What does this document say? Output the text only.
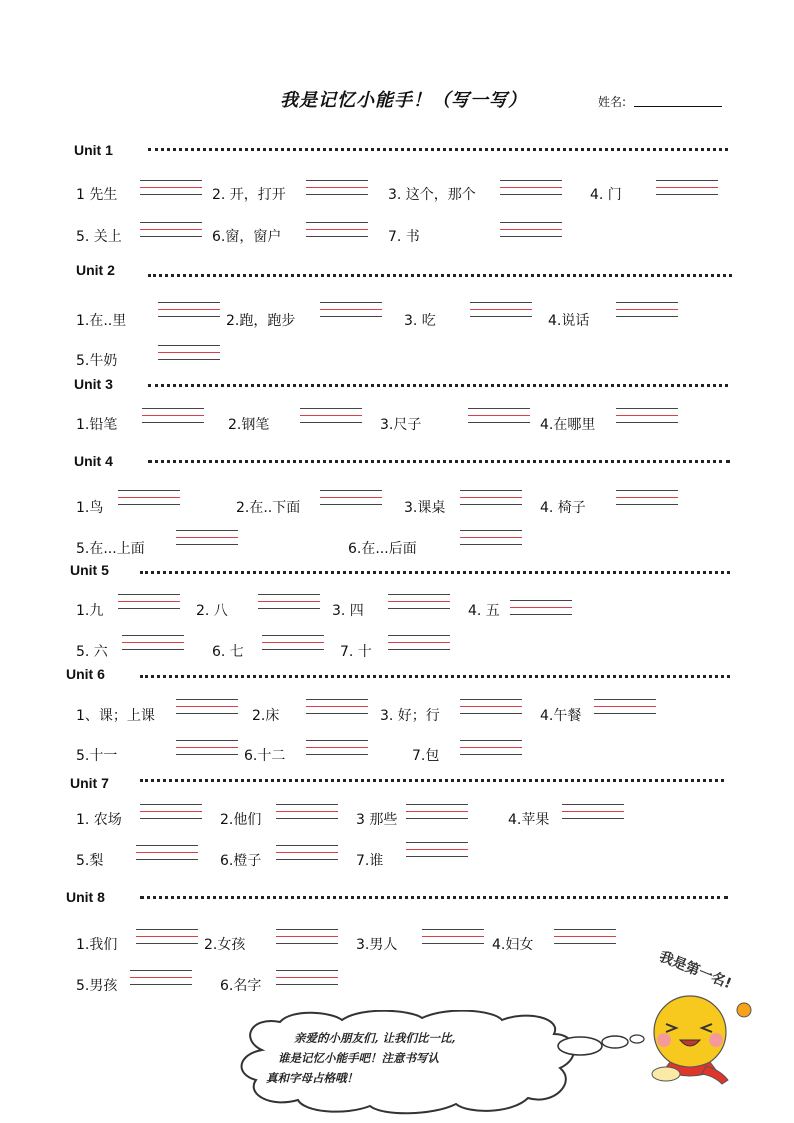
我是记忆小能手！（写一写）	姓名:
Unit 1
Unit 2
Unit 3
Unit 4
Unit 5
Unit 6
Unit 7
Unit 8
1 先生	2. 开，打开	3. 这个，那个	4. 门
5. 关上	6.窗，窗户	7. 书
1.在..里	2.跑，跑步	3. 吃	4.说话
5.牛奶
1.铅笔	2.钢笔	3.尺子	4.在哪里
1.鸟	2.在..下面	3.课桌	4. 椅子
5.在...上面	6.在...后面
1.九	2. 八	3. 四	4. 五
5. 六	6. 七	7. 十
1、课；上课	2.床	3. 好；行	4.午餐
5.十一	6.十二	7.包
1. 农场	2.他们	3 那些	4.苹果
5.梨	6.橙子	7.谁
1.我们	2.女孩	3.男人	4.妇女
5.男孩	6.名字
亲爱的小朋友们, 让我们比一比,
谁是记忆小能手吧！注意书写认
真和字母占格哦！
我是第一名!
